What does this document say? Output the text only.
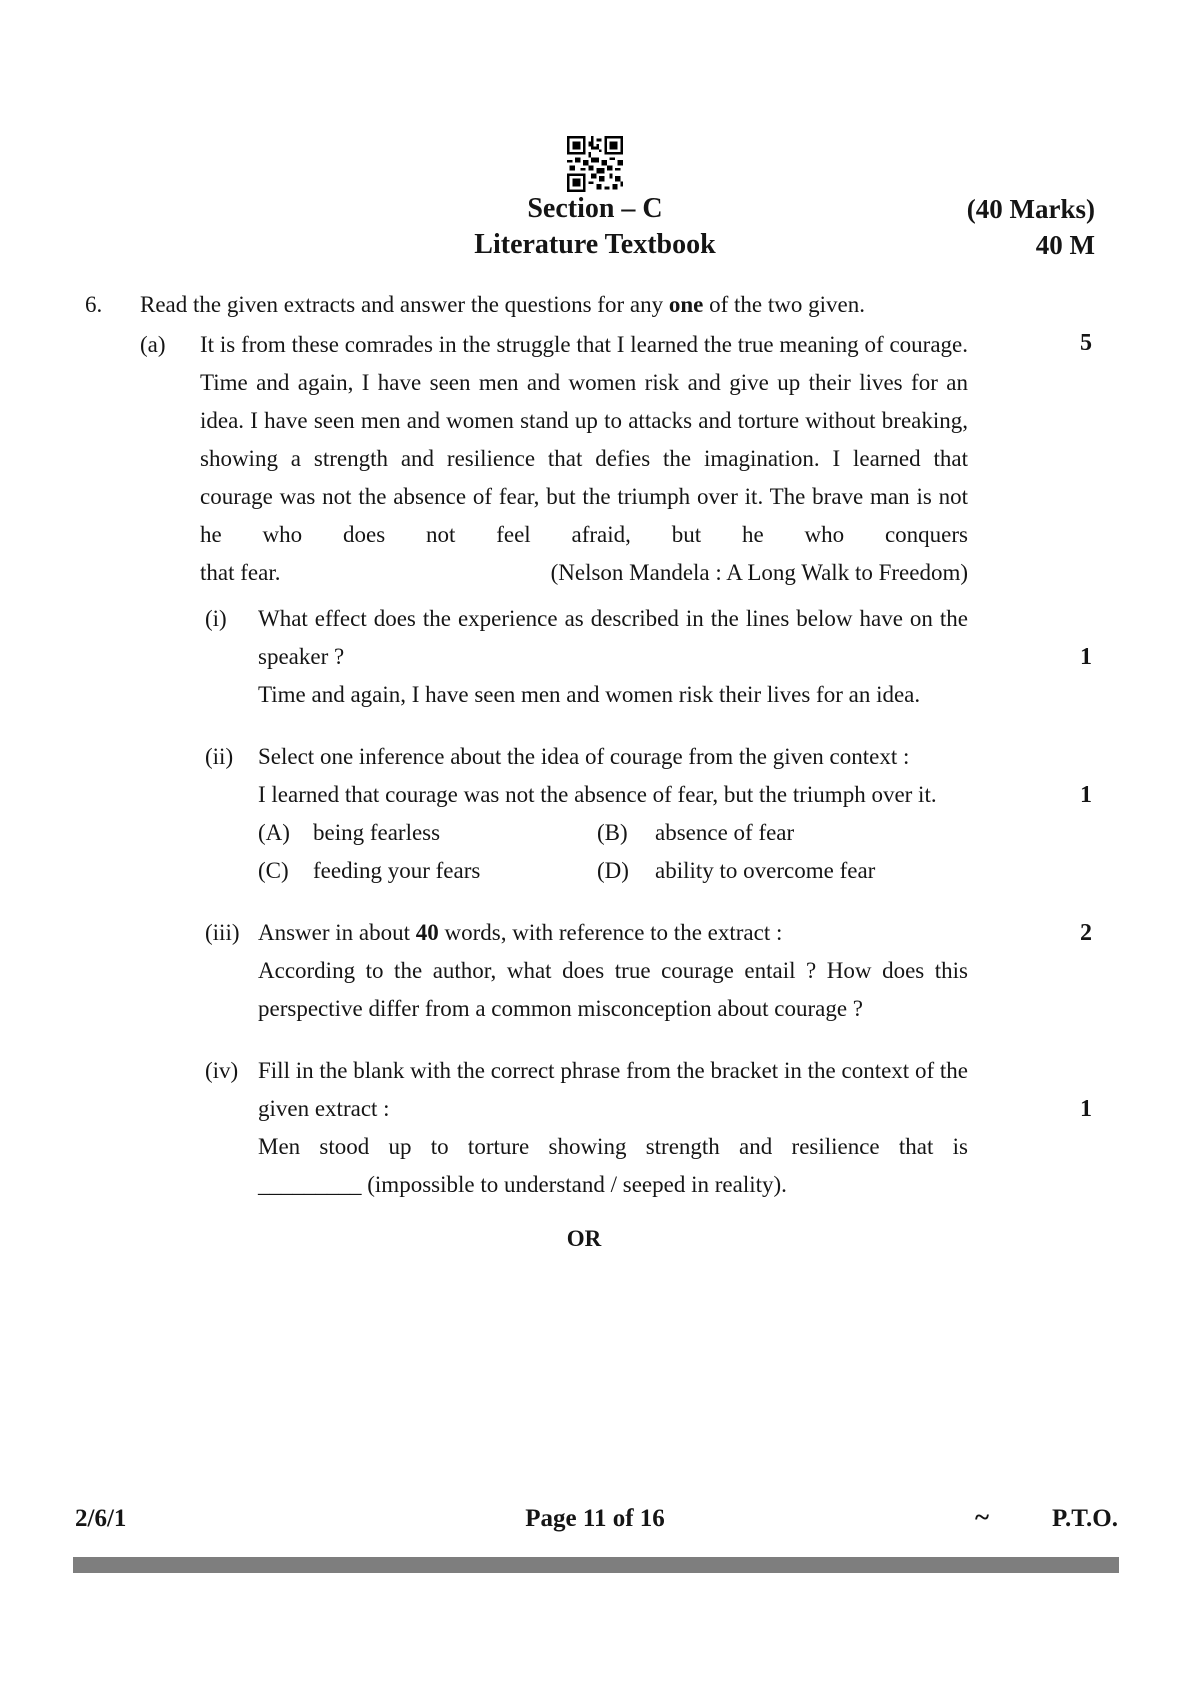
Section – C	(40 Marks)
Literature Textbook	40 M
6.	Read the given extracts and answer the questions for any one of the two given.
5
(a)	It is from these comrades in the struggle that I learned the true meaning of courage. Time and again, I have seen men and women risk and give up their lives for an idea. I have seen men and women stand up to attacks and torture without breaking, showing a strength and resilience that defies the imagination. I learned that courage was not the absence of fear, but the triumph over it. The brave man is not he who does not feel afraid, but he who conquers
that fear.	(Nelson Mandela : A Long Walk to Freedom)
(i)	What effect does the experience as described in the lines below have on the speaker ?
Time and again, I have seen men and women risk their lives for an idea.
1
(ii)	Select one inference about the idea of courage from the given context :
I learned that courage was not the absence of fear, but the triumph over it.
(A)	being fearless	(B)	absence of fear
(C)	feeding your fears	(D)	ability to overcome fear
1
(iii) Answer in about 40 words, with reference to the extract :
According to the author, what does true courage entail ? How does this perspective differ from a common misconception about courage ?
2
(iv) Fill in the blank with the correct phrase from the bracket in the context of the given extract :
Men stood up to torture showing strength and resilience that is
_________ (impossible to understand / seeped in reality).
1
OR
2/6/1	Page 11 of 16	~	P.T.O.
